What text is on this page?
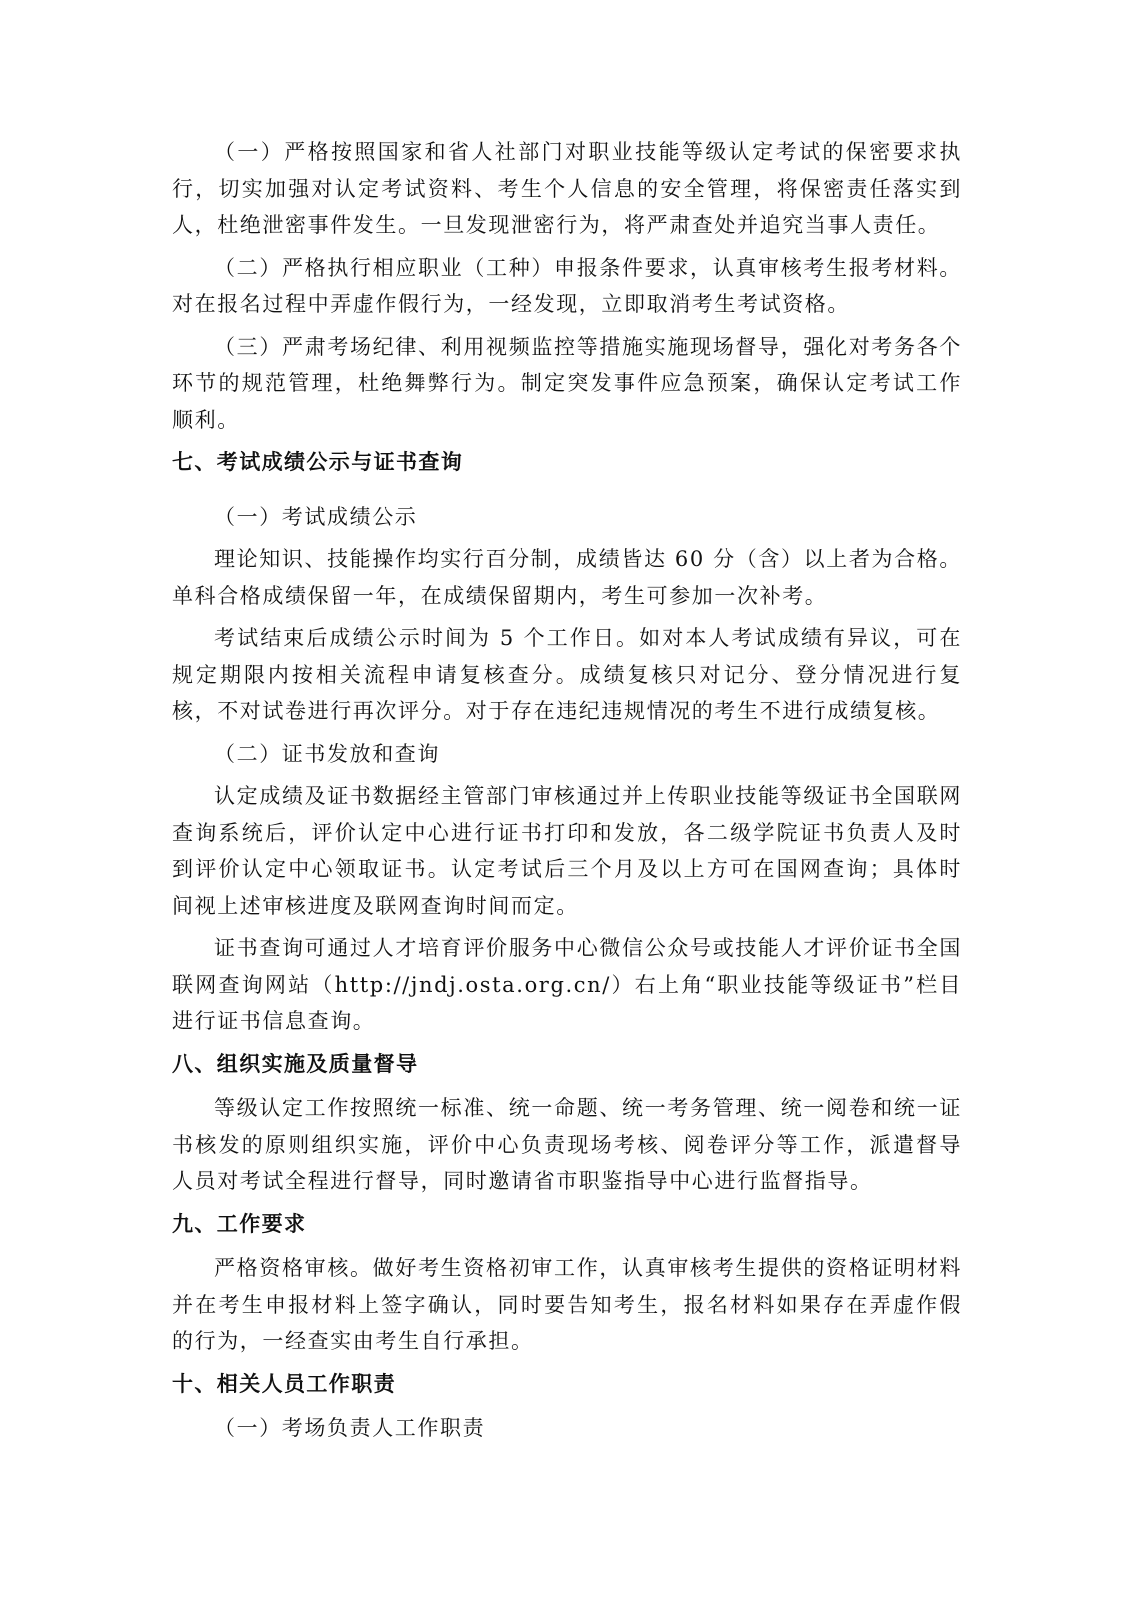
（一）严格按照国家和省人社部门对职业技能等级认定考试的保密要求执行，切实加强对认定考试资料、考生个人信息的安全管理，将保密责任落实到人，杜绝泄密事件发生。一旦发现泄密行为，将严肃查处并追究当事人责任。

（二）严格执行相应职业（工种）申报条件要求，认真审核考生报考材料。对在报名过程中弄虚作假行为，一经发现，立即取消考生考试资格。

（三）严肃考场纪律、利用视频监控等措施实施现场督导，强化对考务各个环节的规范管理，杜绝舞弊行为。制定突发事件应急预案，确保认定考试工作顺利。

七、考试成绩公示与证书查询
（一）考试成绩公示

理论知识、技能操作均实行百分制，成绩皆达 60 分（含）以上者为合格。单科合格成绩保留一年，在成绩保留期内，考生可参加一次补考。

考试结束后成绩公示时间为 5 个工作日。如对本人考试成绩有异议，可在规定期限内按相关流程申请复核查分。成绩复核只对记分、登分情况进行复核，不对试卷进行再次评分。对于存在违纪违规情况的考生不进行成绩复核。

（二）证书发放和查询

认定成绩及证书数据经主管部门审核通过并上传职业技能等级证书全国联网查询系统后，评价认定中心进行证书打印和发放，各二级学院证书负责人及时到评价认定中心领取证书。认定考试后三个月及以上方可在国网查询；具体时间视上述审核进度及联网查询时间而定。

证书查询可通过人才培育评价服务中心微信公众号或技能人才评价证书全国联网查询网站（http://jndj.osta.org.cn/）右上角“职业技能等级证书”栏目进行证书信息查询。

八、组织实施及质量督导

等级认定工作按照统一标准、统一命题、统一考务管理、统一阅卷和统一证书核发的原则组织实施，评价中心负责现场考核、阅卷评分等工作，派遣督导人员对考试全程进行督导，同时邀请省市职鉴指导中心进行监督指导。

九、工作要求

严格资格审核。做好考生资格初审工作，认真审核考生提供的资格证明材料并在考生申报材料上签字确认，同时要告知考生，报名材料如果存在弄虚作假的行为，一经查实由考生自行承担。

十、相关人员工作职责
（一）考场负责人工作职责
